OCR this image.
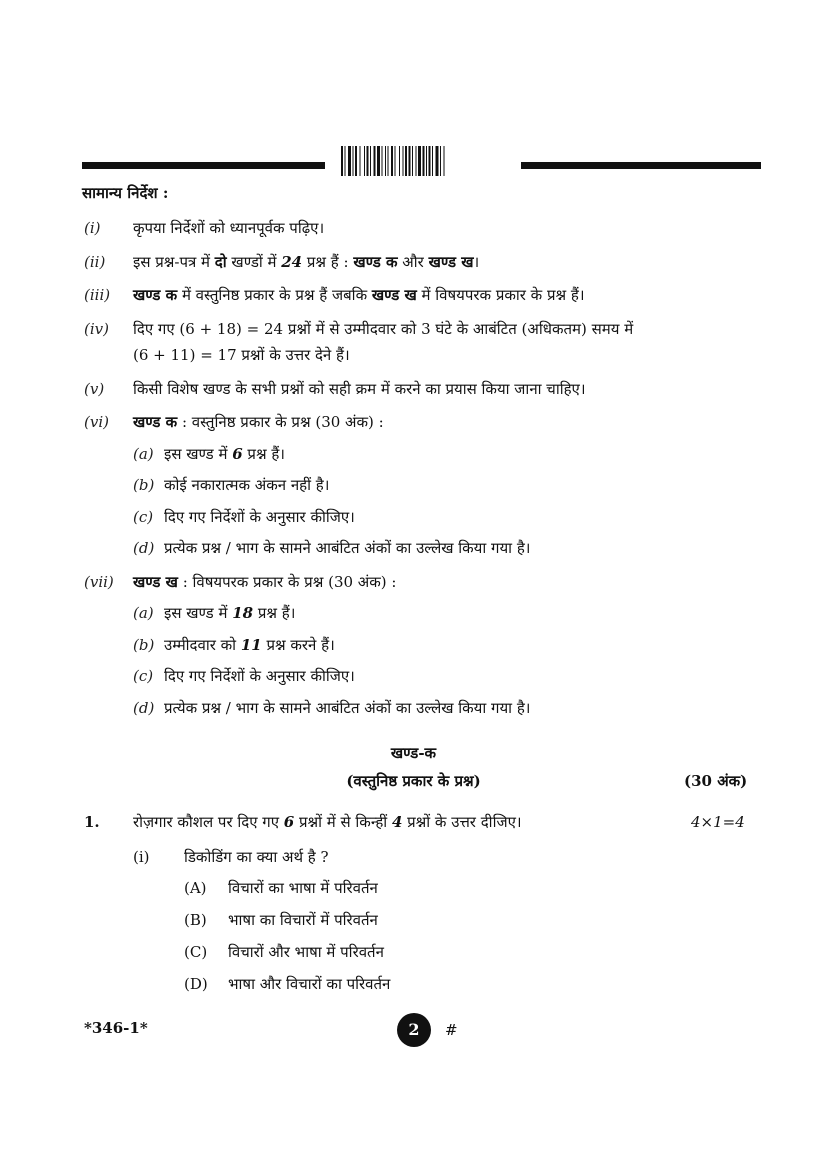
सामान्य निर्देश :
(i) कृपया निर्देशों को ध्यानपूर्वक पढ़िए।
(ii) इस प्रश्न-पत्र में दो खण्डों में 24 प्रश्न हैं : खण्ड क और खण्ड ख।
(iii) खण्ड क में वस्तुनिष्ठ प्रकार के प्रश्न हैं जबकि खण्ड ख में विषयपरक प्रकार के प्रश्न हैं।
(iv) दिए गए (6 + 18) = 24 प्रश्नों में से उम्मीदवार को 3 घंटे के आबंटित (अधिकतम) समय में
(6 + 11) = 17 प्रश्नों के उत्तर देने हैं।
(v) किसी विशेष खण्ड के सभी प्रश्नों को सही क्रम में करने का प्रयास किया जाना चाहिए।
(vi) खण्ड क : वस्तुनिष्ठ प्रकार के प्रश्न (30 अंक) :
(a) इस खण्ड में 6 प्रश्न हैं।
(b) कोई नकारात्मक अंकन नहीं है।
(c) दिए गए निर्देशों के अनुसार कीजिए।
(d) प्रत्येक प्रश्न / भाग के सामने आबंटित अंकों का उल्लेख किया गया है।
(vii) खण्ड ख : विषयपरक प्रकार के प्रश्न (30 अंक) :
(a) इस खण्ड में 18 प्रश्न हैं।
(b) उम्मीदवार को 11 प्रश्न करने हैं।
(c) दिए गए निर्देशों के अनुसार कीजिए।
(d) प्रत्येक प्रश्न / भाग के सामने आबंटित अंकों का उल्लेख किया गया है।
खण्ड-क
(वस्तुनिष्ठ प्रकार के प्रश्न)	(30 अंक)
1. रोज़गार कौशल पर दिए गए 6 प्रश्नों में से किन्हीं 4 प्रश्नों के उत्तर दीजिए।	4×1=4
(i) डिकोडिंग का क्या अर्थ है ?
(A) विचारों का भाषा में परिवर्तन
(B) भाषा का विचारों में परिवर्तन
(C) विचारों और भाषा में परिवर्तन
(D) भाषा और विचारों का परिवर्तन
*346-1*	2	#
